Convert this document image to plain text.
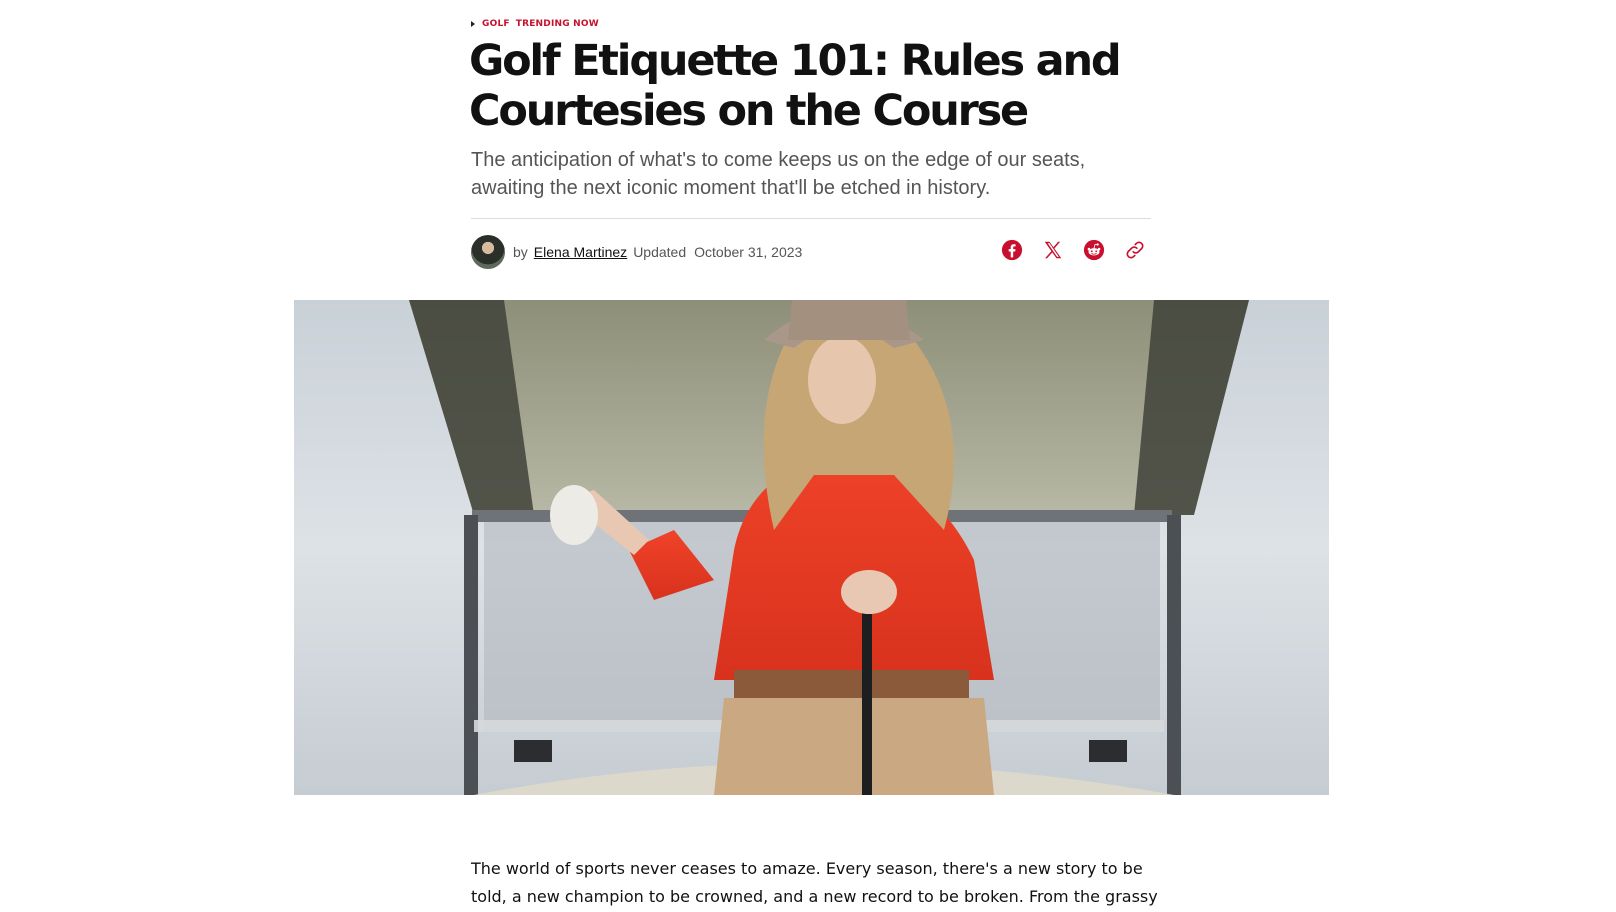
GOLF TRENDING NOW
Golf Etiquette 101: Rules and Courtesies on the Course

The anticipation of what's to come keeps us on the edge of our seats, awaiting the next iconic moment that'll be etched in history.

by Elena Martinez Updated October 31, 2023

The world of sports never ceases to amaze. Every season, there's a new story to be told, a new champion to be crowned, and a new record to be broken. From the grassy
